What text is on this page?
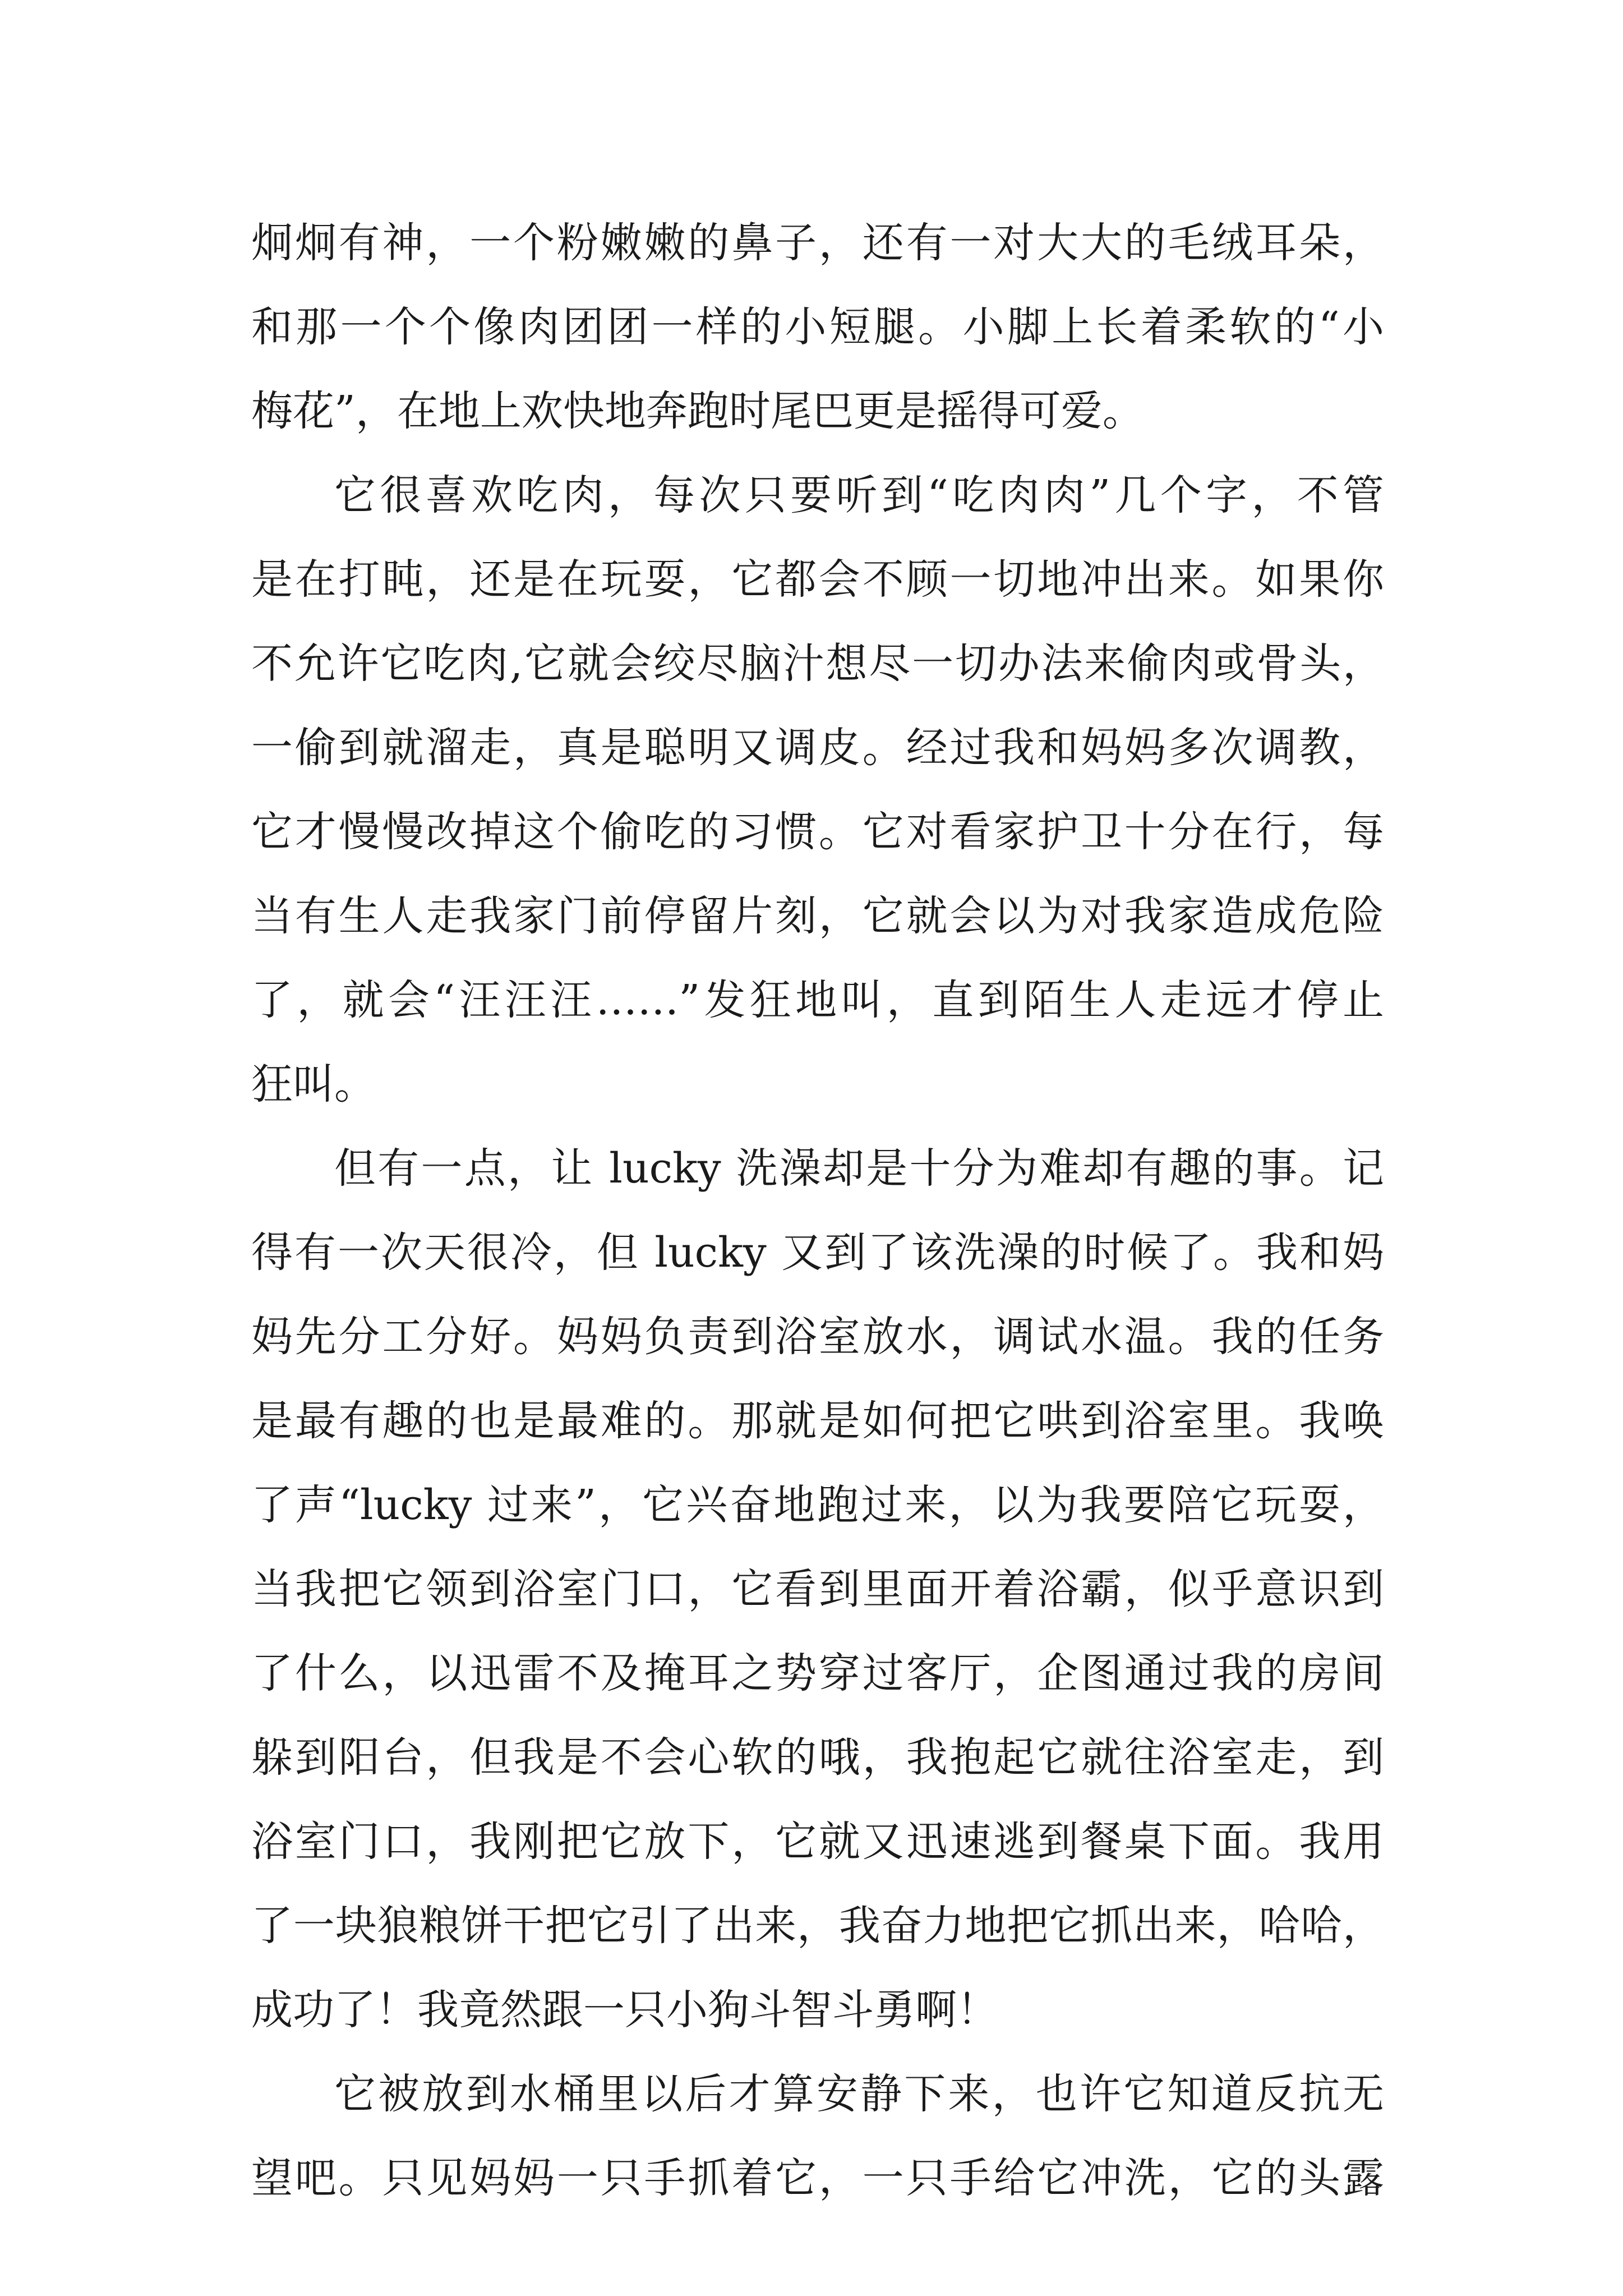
炯炯有神，一个粉嫩嫩的鼻子，还有一对大大的毛绒耳朵，
和那一个个像肉团团一样的小短腿。小脚上长着柔软的“小
梅花”，在地上欢快地奔跑时尾巴更是摇得可爱。
它很喜欢吃肉，每次只要听到“吃肉肉”几个字，不管
是在打盹，还是在玩耍，它都会不顾一切地冲出来。如果你
不允许它吃肉,它就会绞尽脑汁想尽一切办法来偷肉或骨头，
一偷到就溜走，真是聪明又调皮。经过我和妈妈多次调教，
它才慢慢改掉这个偷吃的习惯。它对看家护卫十分在行，每
当有生人走我家门前停留片刻，它就会以为对我家造成危险
了，就会“汪汪汪……”发狂地叫，直到陌生人走远才停止
狂叫。
但有一点，让 lucky 洗澡却是十分为难却有趣的事。记
得有一次天很冷，但 lucky 又到了该洗澡的时候了。我和妈
妈先分工分好。妈妈负责到浴室放水，调试水温。我的任务
是最有趣的也是最难的。那就是如何把它哄到浴室里。我唤
了声“lucky 过来”，它兴奋地跑过来，以为我要陪它玩耍，
当我把它领到浴室门口，它看到里面开着浴霸，似乎意识到
了什么，以迅雷不及掩耳之势穿过客厅，企图通过我的房间
躲到阳台，但我是不会心软的哦，我抱起它就往浴室走，到
浴室门口，我刚把它放下，它就又迅速逃到餐桌下面。我用
了一块狼粮饼干把它引了出来，我奋力地把它抓出来，哈哈，
成功了！我竟然跟一只小狗斗智斗勇啊！
它被放到水桶里以后才算安静下来，也许它知道反抗无
望吧。只见妈妈一只手抓着它，一只手给它冲洗，它的头露
